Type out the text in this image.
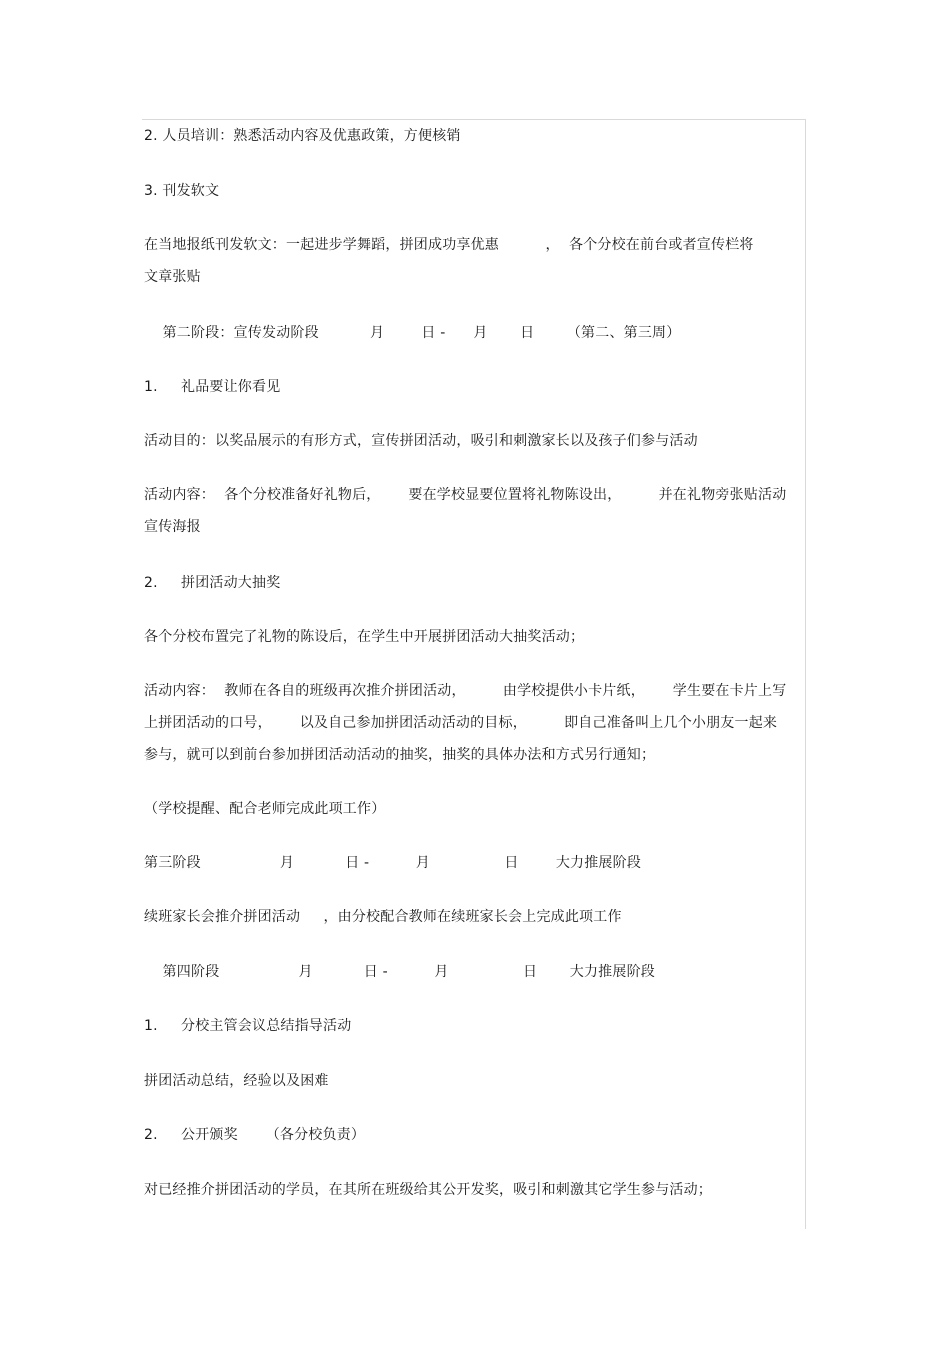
2. 人员培训：熟悉活动内容及优惠政策，方便核销
3. 刊发软文
在当地报纸刊发软文：一起进步学舞蹈，拼团成功享优惠          ，  各个分校在前台或者宣传栏将
文章张贴
第二阶段：宣传发动阶段           月        日 -      月       日       （第二、第三周）
1.     礼品要让你看见
活动目的：以奖品展示的有形方式，宣传拼团活动，吸引和刺激家长以及孩子们参与活动
活动内容：  各个分校准备好礼物后，      要在学校显要位置将礼物陈设出，        并在礼物旁张贴活动
宣传海报
2.     拼团活动大抽奖
各个分校布置完了礼物的陈设后，在学生中开展拼团活动大抽奖活动；
活动内容：  教师在各自的班级再次推介拼团活动，        由学校提供小卡片纸，      学生要在卡片上写
上拼团活动的口号，      以及自己参加拼团活动活动的目标，        即自己准备叫上几个小朋友一起来
参与，就可以到前台参加拼团活动活动的抽奖，抽奖的具体办法和方式另行通知；
（学校提醒、配合老师完成此项工作）
第三阶段                 月           日 -          月                日        大力推展阶段
续班家长会推介拼团活动     ，由分校配合教师在续班家长会上完成此项工作
第四阶段                 月           日 -          月                日       大力推展阶段
1.     分校主管会议总结指导活动
拼团活动总结，经验以及困难
2.     公开颁奖      （各分校负责）
对已经推介拼团活动的学员，在其所在班级给其公开发奖，吸引和刺激其它学生参与活动；
